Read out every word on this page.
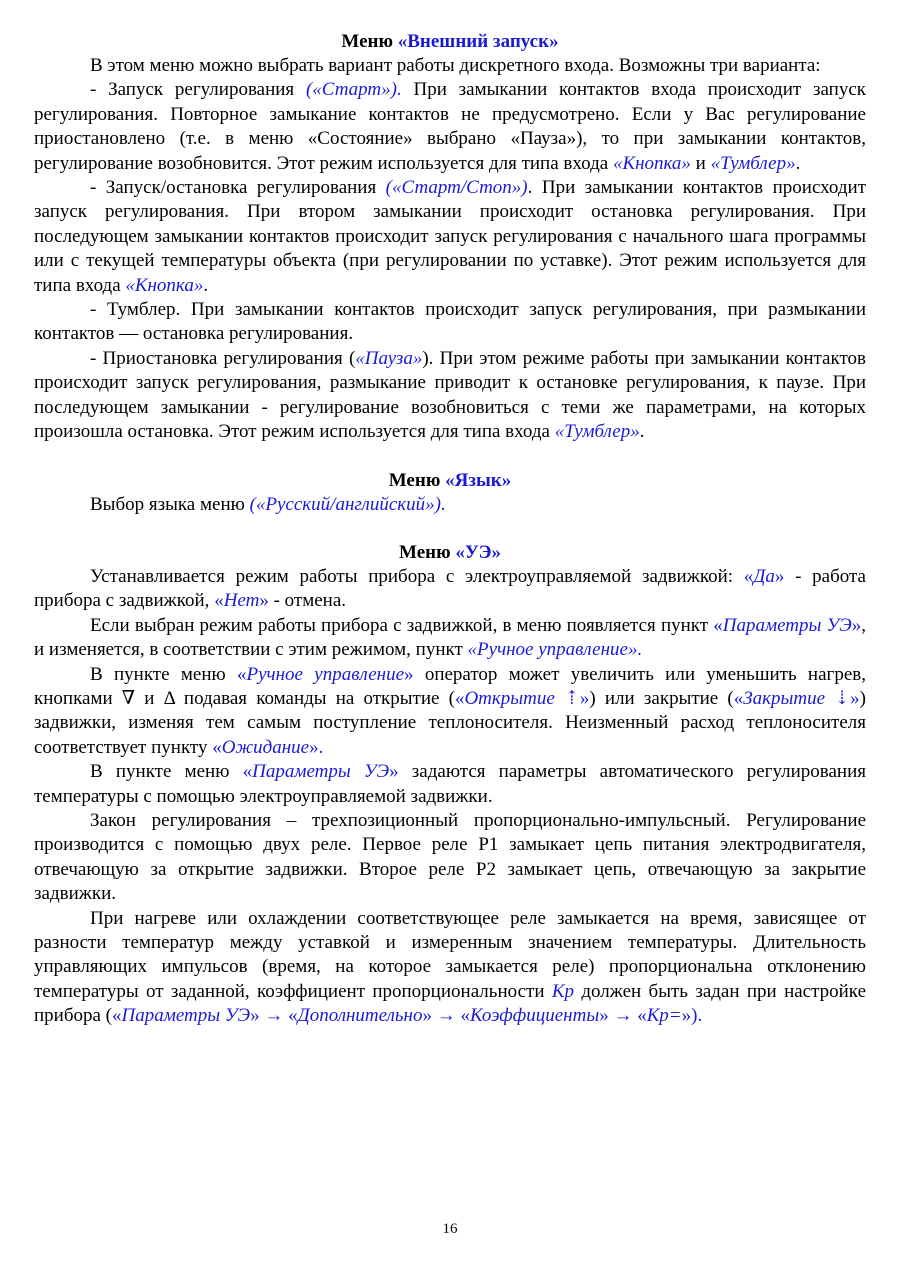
Меню «Внешний запуск»

В этом меню можно выбрать вариант работы дискретного входа. Возможны три варианта:

- Запуск регулирования («Старт»). При замыкании контактов входа происходит запуск регулирования. Повторное замыкание контактов не предусмотрено. Если у Вас регулирование приостановлено (т.е. в меню «Состояние» выбрано «Пауза»), то при замыкании контактов, регулирование возобновится. Этот режим используется для типа входа «Кнопка» и «Тумблер».

- Запуск/остановка регулирования («Старт/Стоп»). При замыкании контактов происходит запуск регулирования. При втором замыкании происходит остановка регулирования. При последующем замыкании контактов происходит запуск регулирования с начального шага программы или с текущей температуры объекта (при регулировании по уставке). Этот режим используется для типа входа «Кнопка».

- Тумблер. При замыкании контактов происходит запуск регулирования, при размыкании контактов — остановка регулирования.

- Приостановка регулирования («Пауза»). При этом режиме работы при замыкании контактов происходит запуск регулирования, размыкание приводит к остановке регулирования, к паузе. При последующем замыкании - регулирование возобновиться с теми же параметрами, на которых произошла остановка. Этот режим используется для типа входа «Тумблер».

Меню «Язык»

Выбор языка меню («Русский/английский»).

Меню «УЭ»

Устанавливается режим работы прибора с электроуправляемой задвижкой: «Да» - работа прибора с задвижкой, «Нет» - отмена.

Если выбран режим работы прибора с задвижкой, в меню появляется пункт «Параметры УЭ», и изменяется, в соответствии с этим режимом, пункт «Ручное управление».

В пункте меню «Ручное управление» оператор может увеличить или уменьшить нагрев, кнопками ∇ и Δ подавая команды на открытие («Открытие ⇡») или закрытие («Закрытие ⇣») задвижки, изменяя тем самым поступление теплоносителя. Неизменный расход теплоносителя соответствует пункту «Ожидание».

В пункте меню «Параметры УЭ» задаются параметры автоматического регулирования температуры с помощью электроуправляемой задвижки.

Закон регулирования – трехпозиционный пропорционально-импульсный. Регулирование производится с помощью двух реле. Первое реле Р1 замыкает цепь питания электродвигателя, отвечающую за открытие задвижки. Второе реле Р2 замыкает цепь, отвечающую за закрытие задвижки.

При нагреве или охлаждении соответствующее реле замыкается на время, зависящее от разности температур между уставкой и измеренным значением температуры. Длительность управляющих импульсов (время, на которое замыкается реле) пропорциональна отклонению температуры от заданной, коэффициент пропорциональности Кр должен быть задан при настройке прибора («Параметры УЭ» → «Дополнительно» → «Коэффициенты» → «Кр=»).

16
